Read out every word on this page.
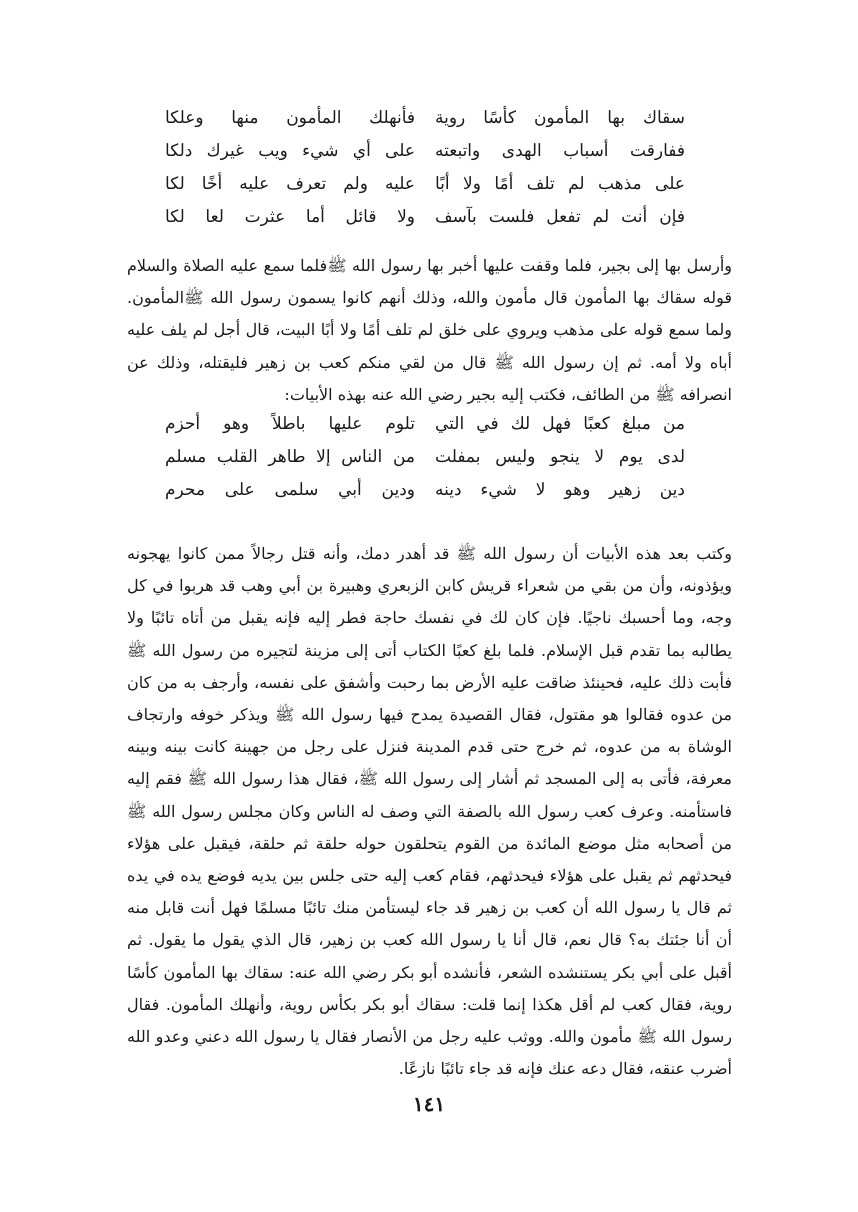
سقاك بها المأمون كأسًا روية
فأنهلك المأمون منها وعلكا
ففارقت أسباب الهدى واتبعته
على أي شيء ويب غيرك دلكا
على مذهب لم تلف أمًا ولا أبًا
عليه ولم تعرف عليه أخًا لكا
فإن أنت لم تفعل فلست بآسف
ولا قائل أما عثرت لعا لكا

وأرسل بها إلى بجير، فلما وقفت عليها أخبر بها رسول الله ﷺفلما سمع عليه الصلاة والسلام قوله سقاك بها المأمون قال مأمون والله، وذلك أنهم كانوا يسمون رسول الله ﷺالمأمون. ولما سمع قوله على مذهب ويروي على خلق لم تلف أمًا ولا أبًا البيت، قال أجل لم يلف عليه أباه ولا أمه. ثم إن رسول الله ﷺ قال من لقي منكم كعب بن زهير فليقتله، وذلك عن انصرافه ﷺ من الطائف، فكتب إليه بجير رضي الله عنه بهذه الأبيات:

من مبلغ كعبًا فهل لك في التي
تلوم عليها باطلاً وهو أحزم
لدى يوم لا ينجو وليس بمفلت
من الناس إلا طاهر القلب مسلم
دين زهير وهو لا شيء دينه
ودين أبي سلمى على محرم

وكتب بعد هذه الأبيات أن رسول الله ﷺ قد أهدر دمك، وأنه قتل رجالاً ممن كانوا يهجونه ويؤذونه، وأن من بقي من شعراء قريش كابن الزبعري وهبيرة بن أبي وهب قد هربوا في كل وجه، وما أحسبك ناجيًا. فإن كان لك في نفسك حاجة فطر إليه فإنه يقبل من أتاه تائبًا ولا يطالبه بما تقدم قبل الإسلام. فلما بلغ كعبًا الكتاب أتى إلى مزينة لتجيره من رسول الله ﷺ فأبت ذلك عليه، فحينئذ ضاقت عليه الأرض بما رحبت وأشفق على نفسه، وأرجف به من كان من عدوه فقالوا هو مقتول، فقال القصيدة يمدح فيها رسول الله ﷺ ويذكر خوفه وارتجاف الوشاة به من عدوه، ثم خرج حتى قدم المدينة فنزل على رجل من جهينة كانت بينه وبينه معرفة، فأتى به إلى المسجد ثم أشار إلى رسول الله ﷺ، فقال هذا رسول الله ﷺ فقم إليه فاستأمنه. وعرف كعب رسول الله بالصفة التي وصف له الناس وكان مجلس رسول الله ﷺ من أصحابه مثل موضع المائدة من القوم يتحلقون حوله حلقة ثم حلقة، فيقبل على هؤلاء فيحدثهم ثم يقبل على هؤلاء فيحدثهم، فقام كعب إليه حتى جلس بين يديه فوضع يده في يده ثم قال يا رسول الله أن كعب بن زهير قد جاء ليستأمن منك تائبًا مسلمًا فهل أنت قابل منه أن أنا جئتك به؟ قال نعم، قال أنا يا رسول الله كعب بن زهير، قال الذي يقول ما يقول. ثم أقبل على أبي بكر يستنشده الشعر، فأنشده أبو بكر رضي الله عنه: سقاك بها المأمون كأسًا روية، فقال كعب لم أقل هكذا إنما قلت: سقاك أبو بكر بكأس روية، وأنهلك المأمون. فقال رسول الله ﷺ مأمون والله. ووثب عليه رجل من الأنصار فقال يا رسول الله دعني وعدو الله أضرب عنقه، فقال دعه عنك فإنه قد جاء تائبًا نازعًا.

١٤١
